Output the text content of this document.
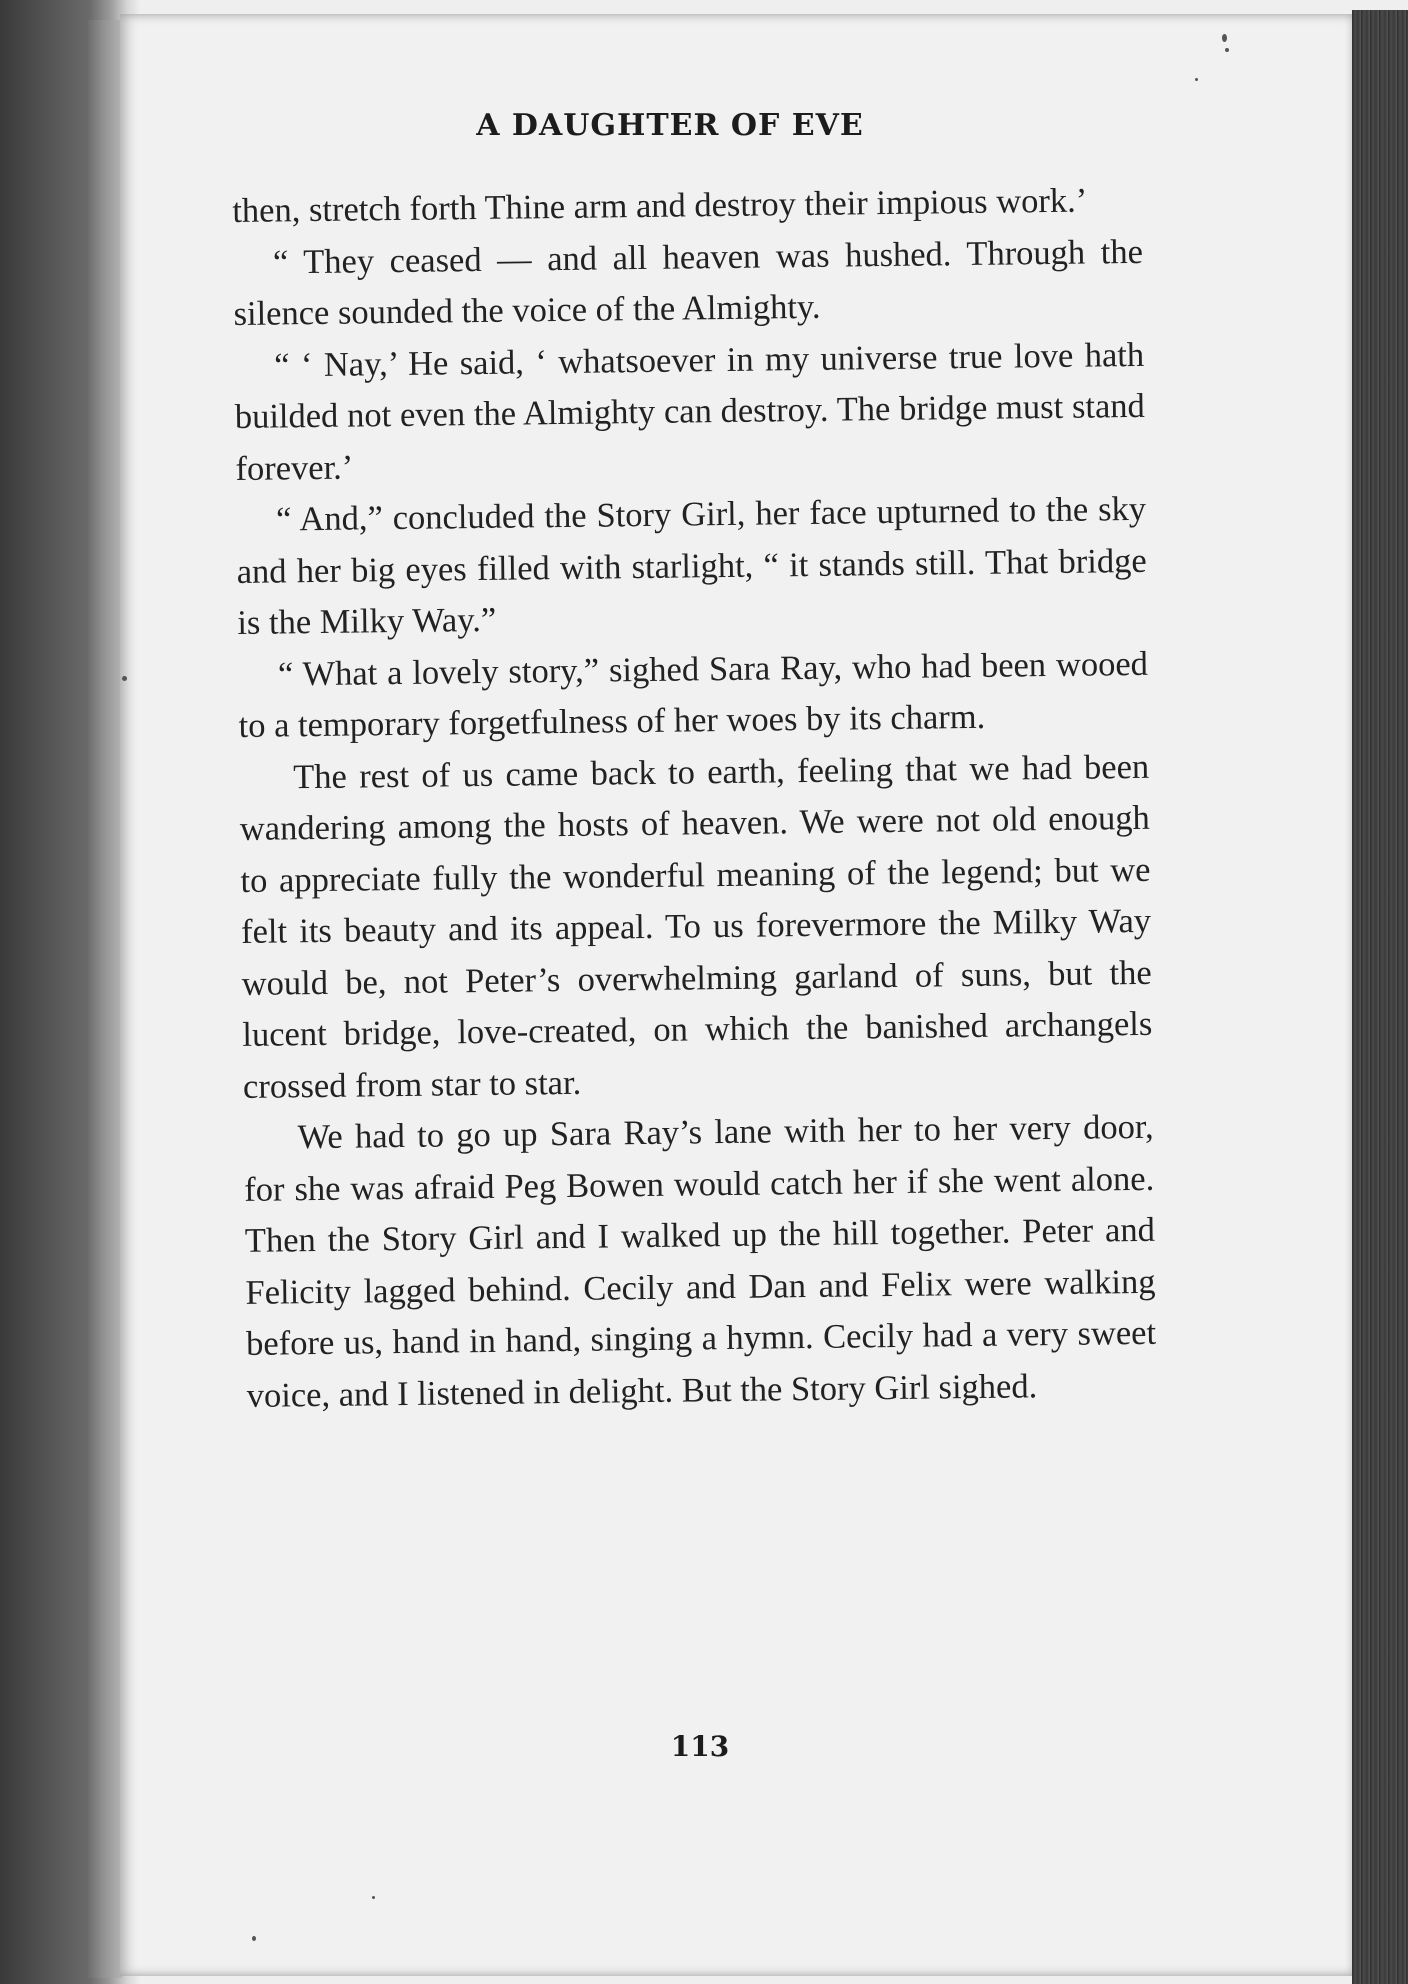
A DAUGHTER OF EVE

then, stretch forth Thine arm and destroy their impious work.’

“ They ceased — and all heaven was hushed. Through the silence sounded the voice of the Almighty.

“ ‘ Nay,’ He said, ‘ whatsoever in my universe true love hath builded not even the Almighty can destroy. The bridge must stand forever.’

“ And,” concluded the Story Girl, her face upturned to the sky and her big eyes filled with starlight, “ it stands still. That bridge is the Milky Way.”

“ What a lovely story,” sighed Sara Ray, who had been wooed to a temporary forgetfulness of her woes by its charm.

The rest of us came back to earth, feeling that we had been wandering among the hosts of heaven. We were not old enough to appreciate fully the wonderful meaning of the legend; but we felt its beauty and its appeal. To us forevermore the Milky Way would be, not Peter’s overwhelming garland of suns, but the lucent bridge, love-created, on which the banished archangels crossed from star to star.

We had to go up Sara Ray’s lane with her to her very door, for she was afraid Peg Bowen would catch her if she went alone. Then the Story Girl and I walked up the hill together. Peter and Felicity lagged behind. Cecily and Dan and Felix were walking before us, hand in hand, singing a hymn. Cecily had a very sweet voice, and I listened in delight. But the Story Girl sighed.

113
